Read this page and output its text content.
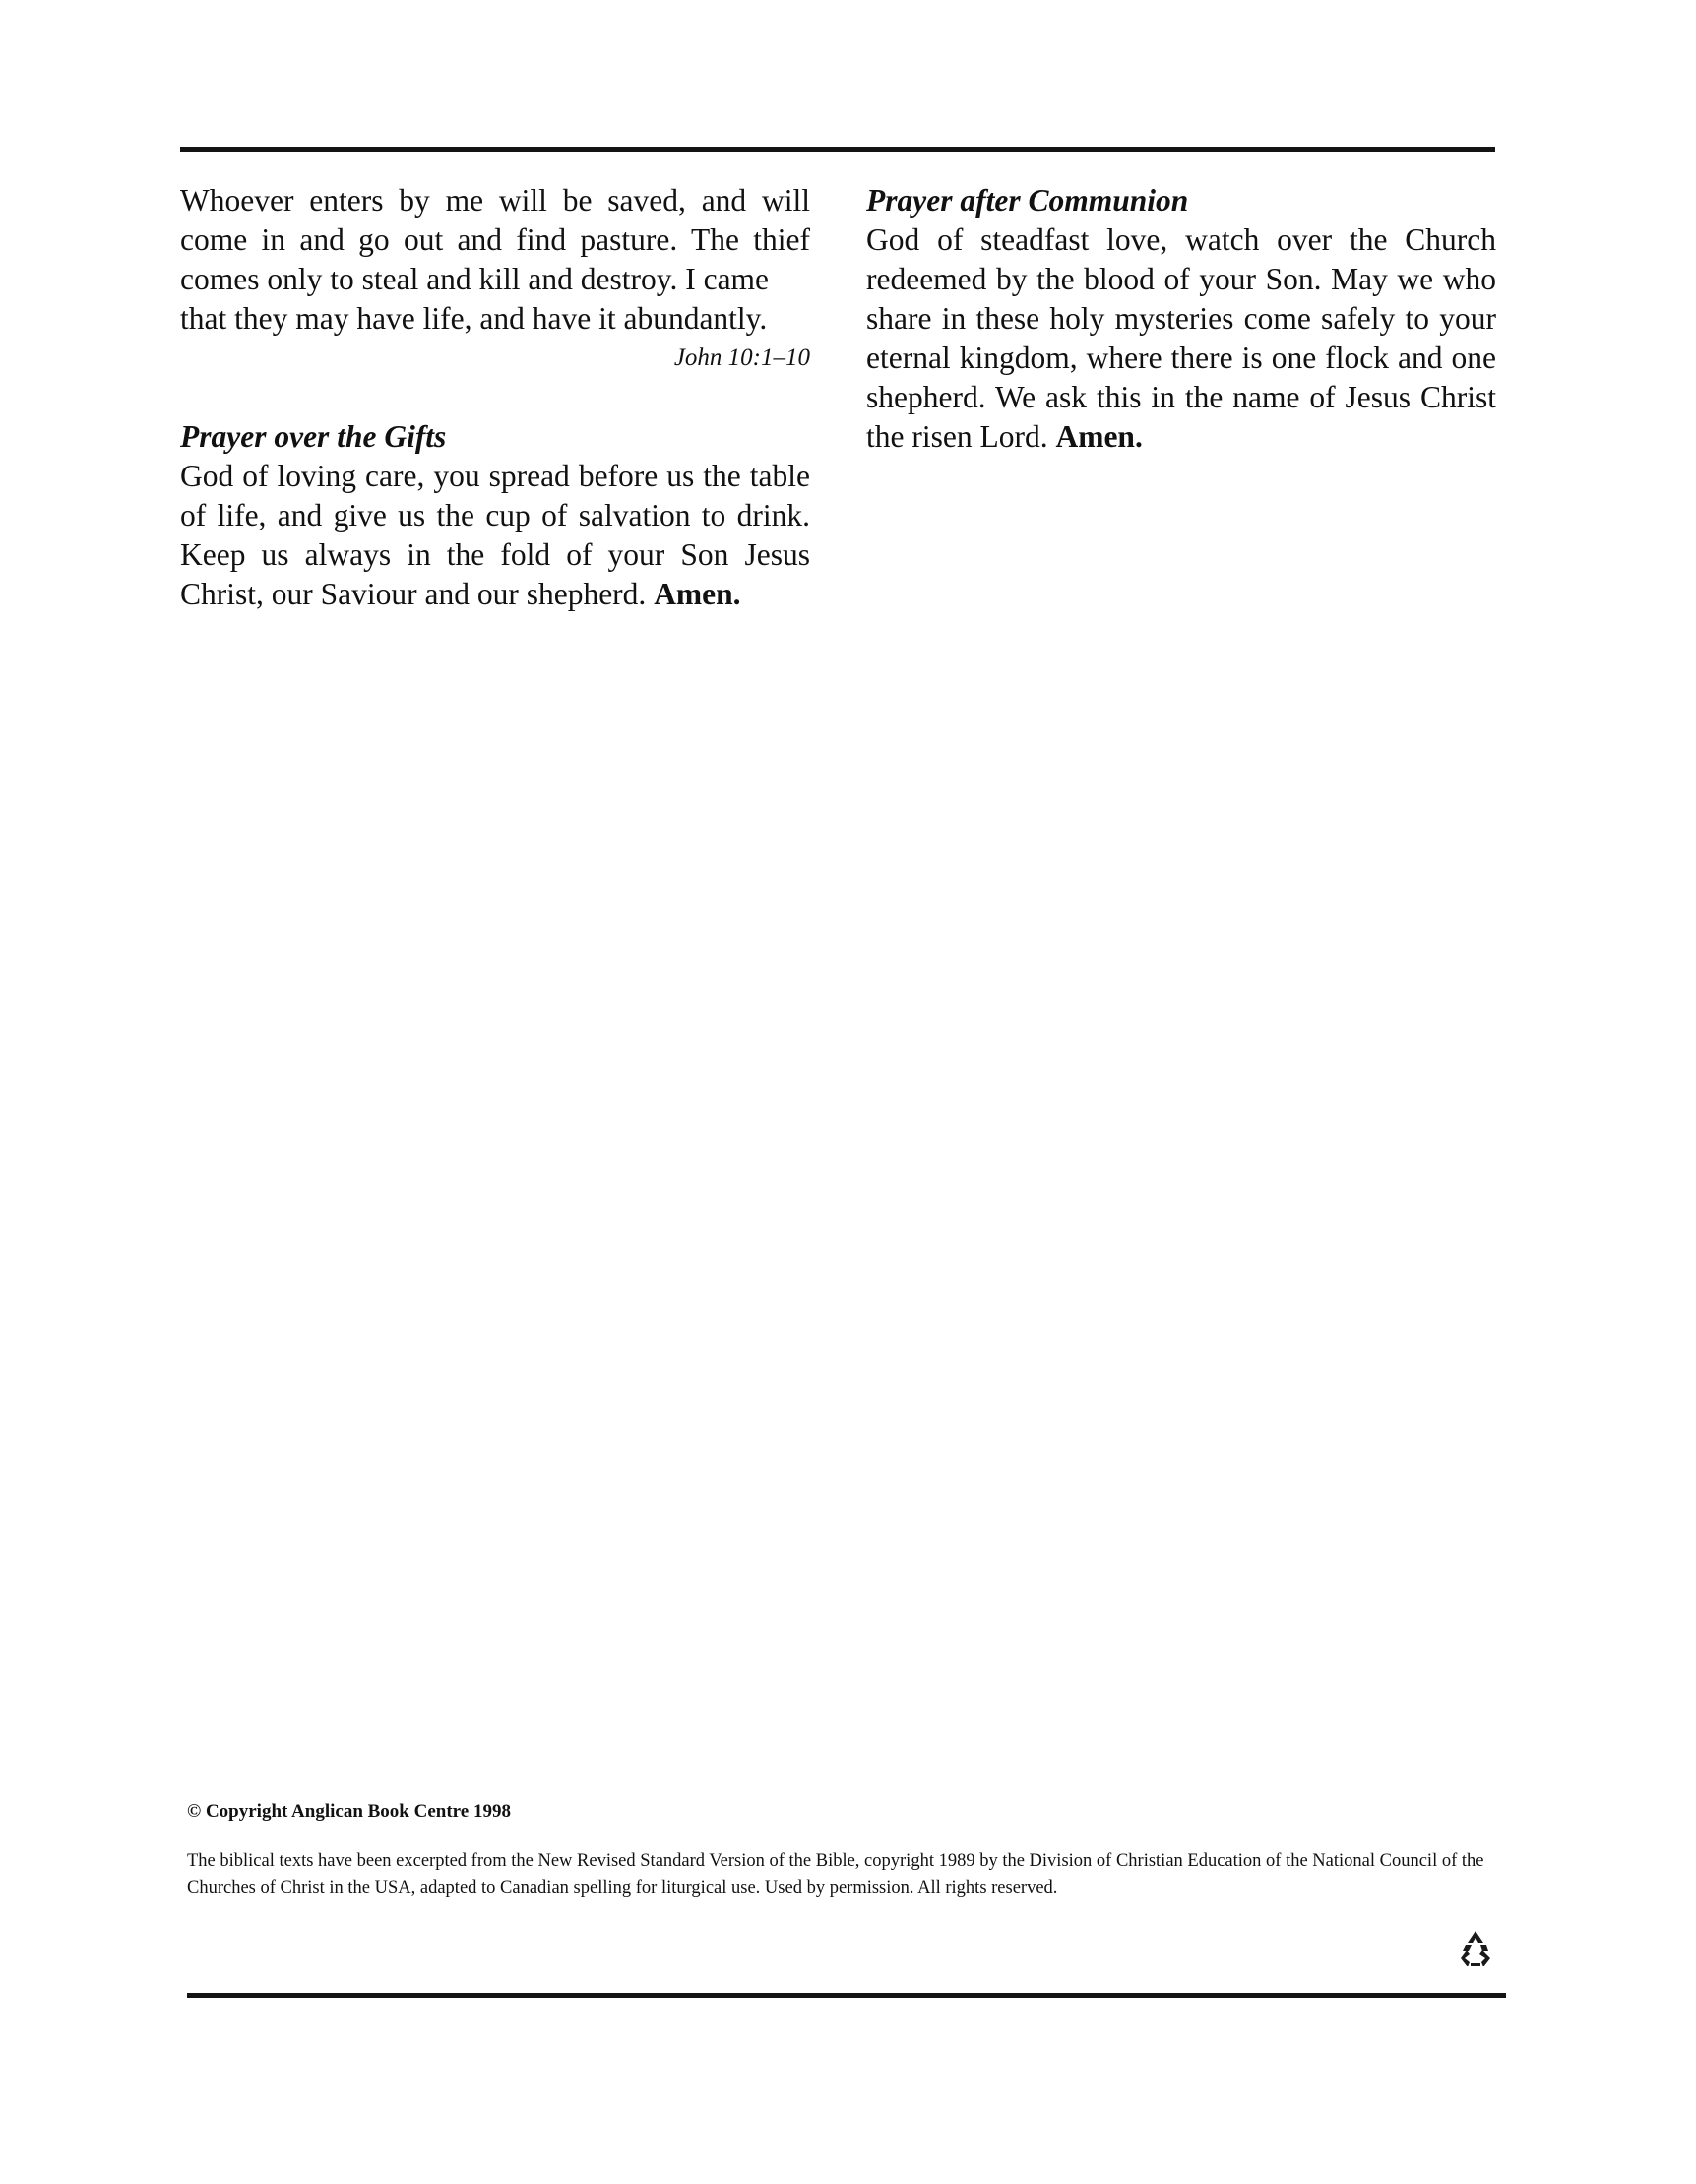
Whoever enters by me will be saved, and will come in and go out and find pasture. The thief comes only to steal and kill and destroy. I came
that they may have life, and have it abundantly.

John 10:1–10

Prayer over the Gifts

God of loving care, you spread before us the table of life, and give us the cup of salvation to drink. Keep us always in the fold of your Son Jesus Christ, our Saviour and our shepherd. Amen.

Prayer after Communion

God of steadfast love, watch over the Church redeemed by the blood of your Son. May we who share in these holy mysteries come safely to your eternal kingdom, where there is one flock and one shepherd. We ask this in the name of Jesus Christ the risen Lord. Amen.

© Copyright Anglican Book Centre 1998
The biblical texts have been excerpted from the New Revised Standard Version of the Bible, copyright 1989 by the Division of Christian Education of the National Council of the Churches of Christ in the USA, adapted to Canadian spelling for liturgical use. Used by permission. All rights reserved.
